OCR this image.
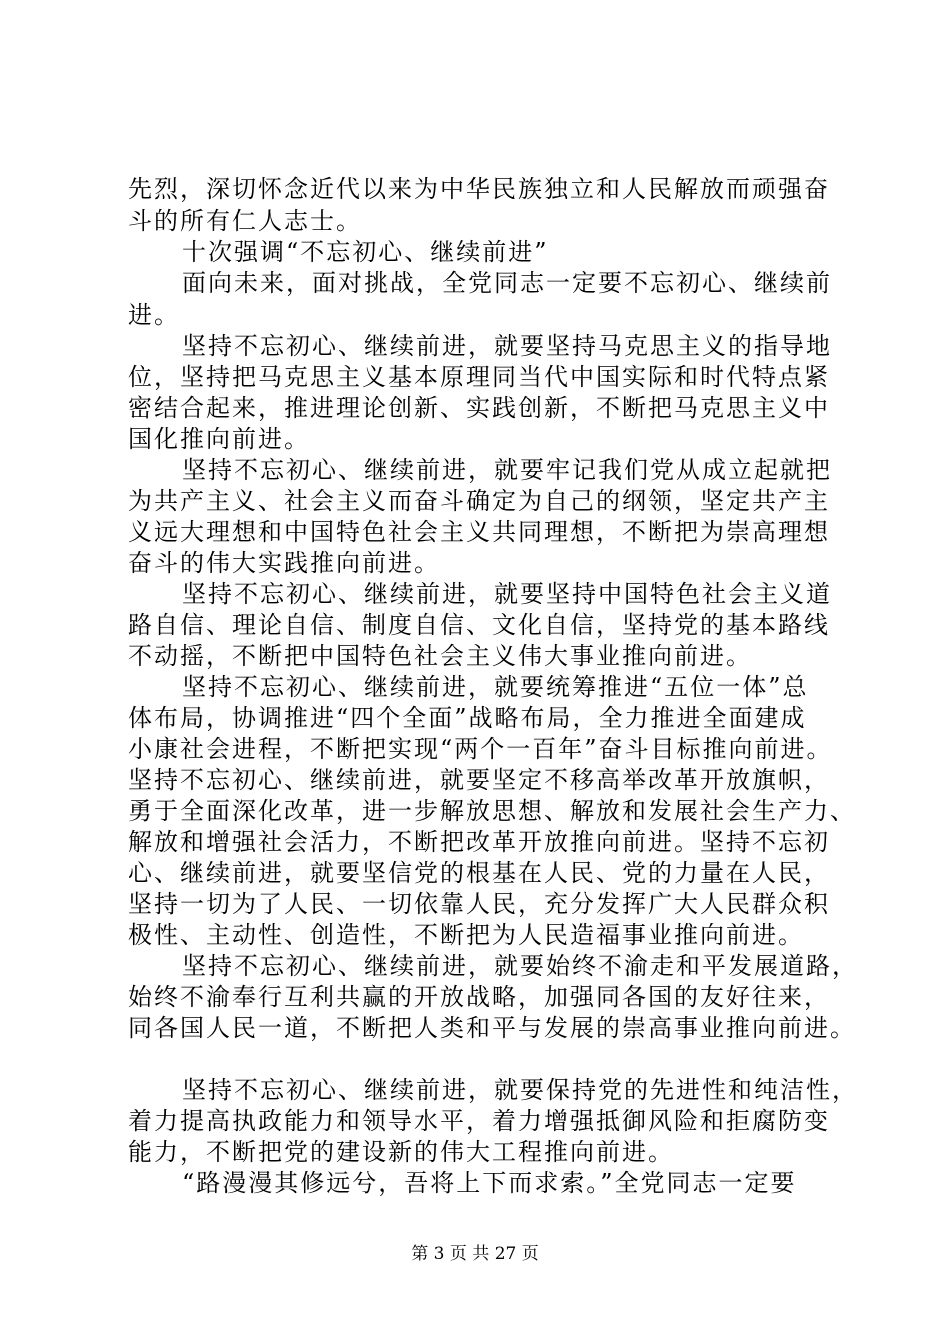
先烈，深切怀念近代以来为中华民族独立和人民解放而顽强奋
斗的所有仁人志士。
十次强调“不忘初心、继续前进”
面向未来，面对挑战，全党同志一定要不忘初心、继续前
进。
坚持不忘初心、继续前进，就要坚持马克思主义的指导地
位，坚持把马克思主义基本原理同当代中国实际和时代特点紧
密结合起来，推进理论创新、实践创新，不断把马克思主义中
国化推向前进。
坚持不忘初心、继续前进，就要牢记我们党从成立起就把
为共产主义、社会主义而奋斗确定为自己的纲领，坚定共产主
义远大理想和中国特色社会主义共同理想，不断把为崇高理想
奋斗的伟大实践推向前进。
坚持不忘初心、继续前进，就要坚持中国特色社会主义道
路自信、理论自信、制度自信、文化自信，坚持党的基本路线
不动摇，不断把中国特色社会主义伟大事业推向前进。
坚持不忘初心、继续前进，就要统筹推进“五位一体”总
体布局，协调推进“四个全面”战略布局，全力推进全面建成
小康社会进程，不断把实现“两个一百年”奋斗目标推向前进。
坚持不忘初心、继续前进，就要坚定不移高举改革开放旗帜，
勇于全面深化改革，进一步解放思想、解放和发展社会生产力、
解放和增强社会活力，不断把改革开放推向前进。坚持不忘初
心、继续前进，就要坚信党的根基在人民、党的力量在人民，
坚持一切为了人民、一切依靠人民，充分发挥广大人民群众积
极性、主动性、创造性，不断把为人民造福事业推向前进。
坚持不忘初心、继续前进，就要始终不渝走和平发展道路，
始终不渝奉行互利共赢的开放战略，加强同各国的友好往来，
同各国人民一道，不断把人类和平与发展的崇高事业推向前进。
坚持不忘初心、继续前进，就要保持党的先进性和纯洁性，
着力提高执政能力和领导水平，着力增强抵御风险和拒腐防变
能力，不断把党的建设新的伟大工程推向前进。
“路漫漫其修远兮，吾将上下而求索。”全党同志一定要
第 3 页 共 27 页
